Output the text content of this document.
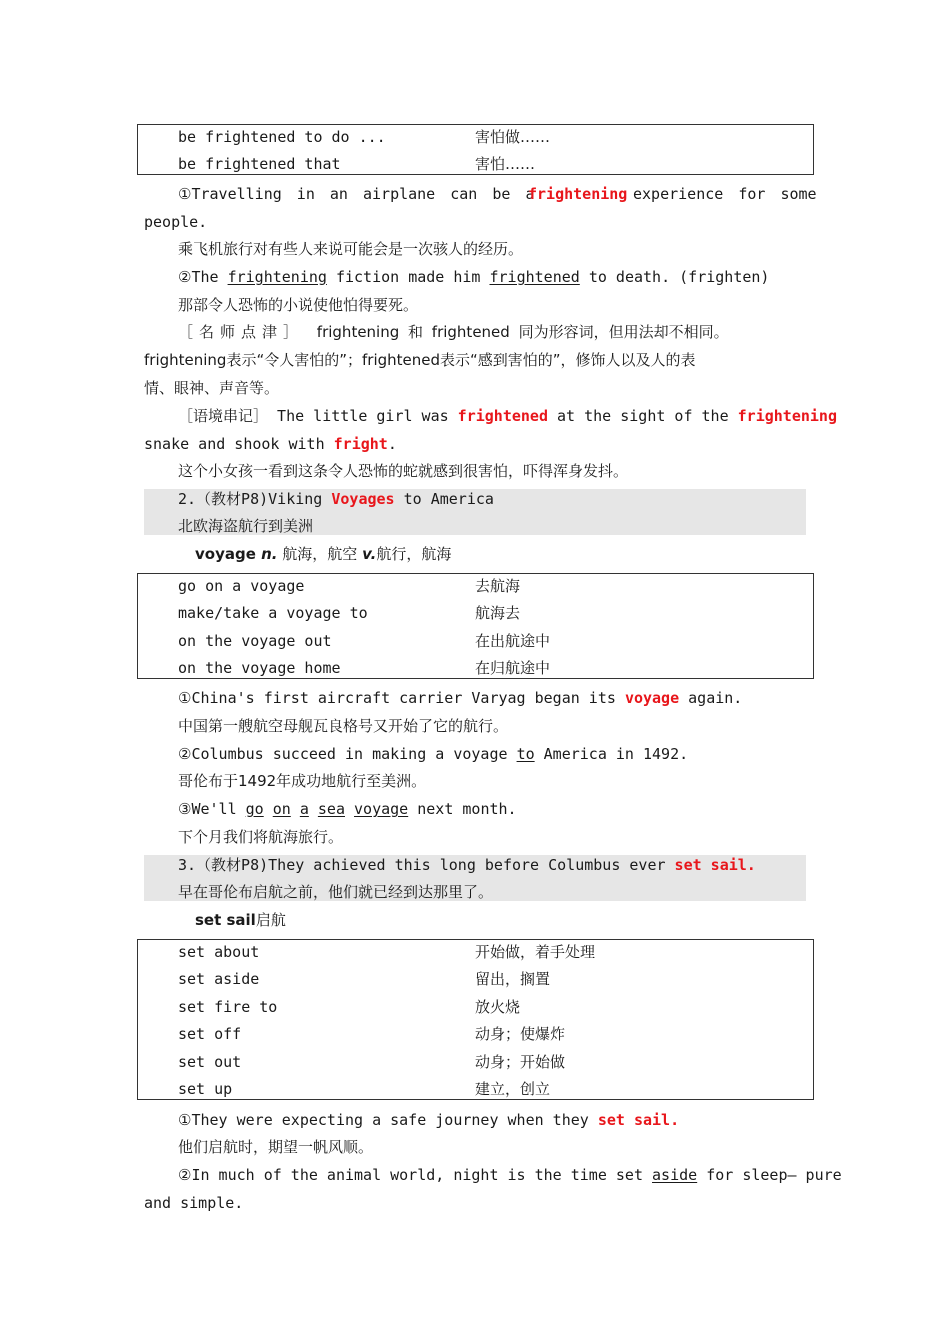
be frightened to do ...	害怕做……
be frightened that	害怕……
①Travelling in an airplane can be a
frightening experience for some
people.
乘飞机旅行对有些人来说可能会是一次骇人的经历。
②The frightening fiction made him frightened to death. (frighten)
那部令人恐怖的小说使他怕得要死。
［名师点津］ frightening 和 frightened 同为形容词，但用法却不相同。
frightening表示“令人害怕的”；frightened表示“感到害怕的”，修饰人以及人的表
情、眼神、声音等。
［语境串记］ The little girl was frightened at the sight of the frightening
snake and shook with fright.
这个小女孩一看到这条令人恐怖的蛇就感到很害怕，吓得浑身发抖。
2.（教材P8)Viking Voyages to America
北欧海盗航行到美洲
voyage n. 航海，航空 v.航行，航海
go on a voyage	去航海
make/take a voyage to	航海去
on the voyage out	在出航途中
on the voyage home	在归航途中
①China's first aircraft carrier Varyag began its voyage again.
中国第一艘航空母舰瓦良格号又开始了它的航行。
②Columbus succeed in making a voyage to America in 1492.
哥伦布于1492年成功地航行至美洲。
③We'll go on a sea voyage next month.
下个月我们将航海旅行。
3.（教材P8)They achieved this long before Columbus ever set sail.
早在哥伦布启航之前，他们就已经到达那里了。
set sail启航
set about	开始做，着手处理
set aside	留出，搁置
set fire to	放火烧
set off	动身；使爆炸
set out	动身；开始做
set up	建立，创立
①They were expecting a safe journey when they set sail.
他们启航时，期望一帆风顺。
②In much of the animal world, night is the time set aside for sleep— pure
and simple.
